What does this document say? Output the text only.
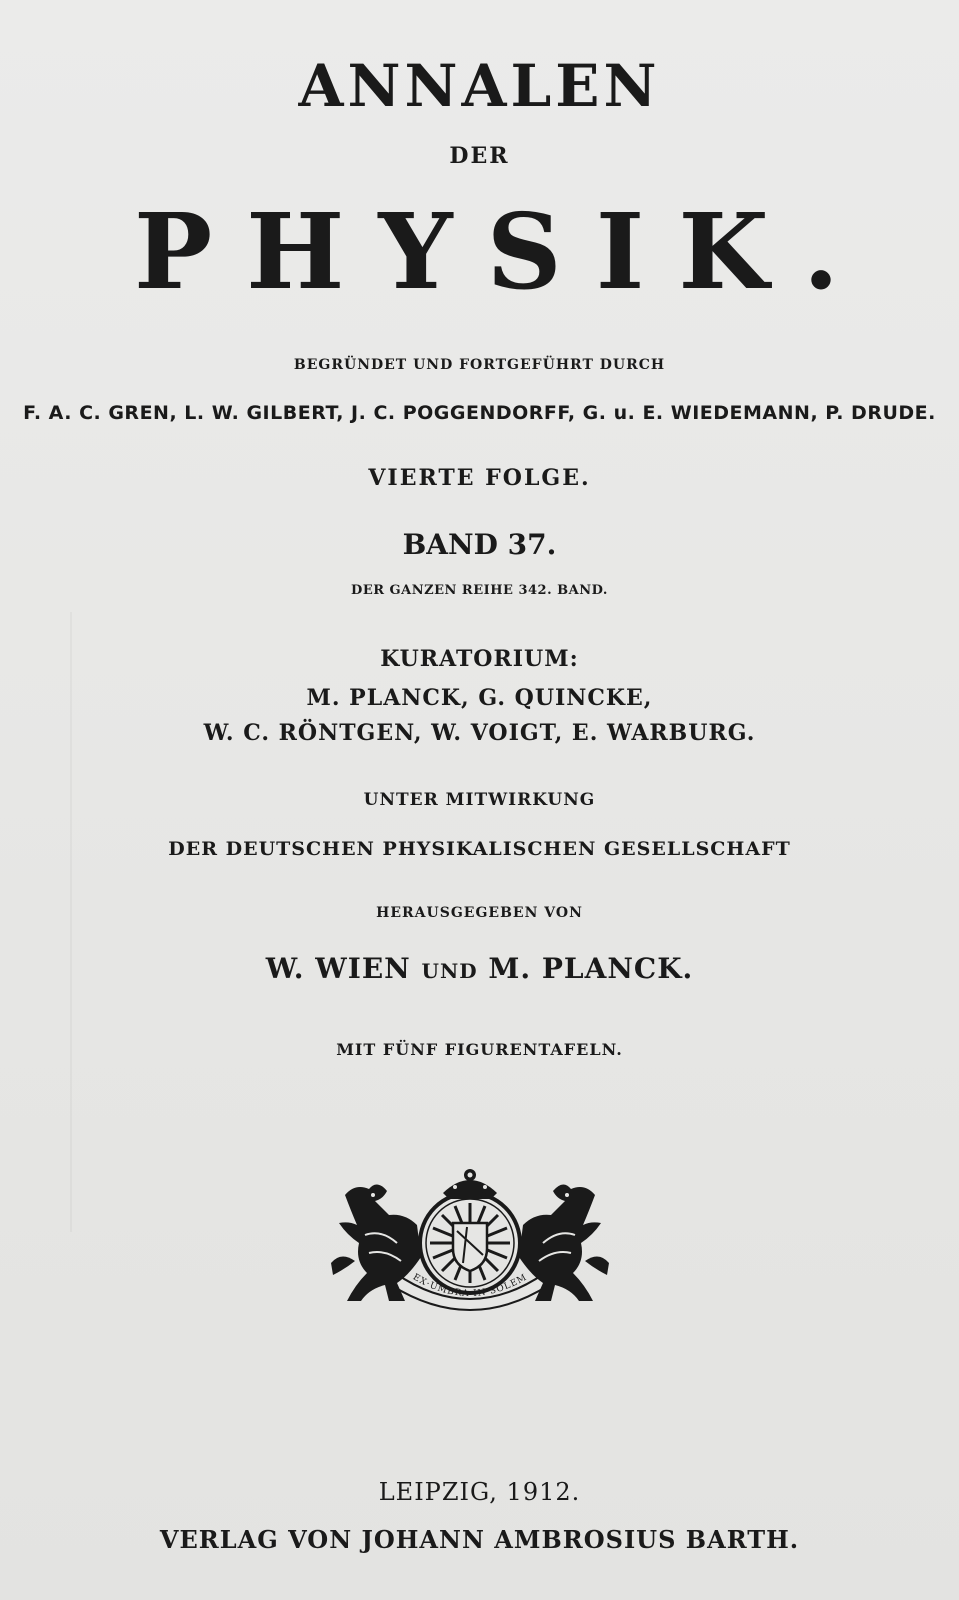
ANNALEN
DER
PHYSIK.
BEGRÜNDET UND FORTGEFÜHRT DURCH
F. A. C. GREN, L. W. GILBERT, J. C. POGGENDORFF, G. u. E. WIEDEMANN, P. DRUDE.
VIERTE FOLGE.
BAND 37.
DER GANZEN REIHE 342. BAND.
KURATORIUM:
M. PLANCK, G. QUINCKE,
W. C. RÖNTGEN, W. VOIGT, E. WARBURG.
UNTER MITWIRKUNG
DER DEUTSCHEN PHYSIKALISCHEN GESELLSCHAFT
HERAUSGEGEBEN VON
W. WIEN UND M. PLANCK.
MIT FÜNF FIGURENTAFELN.
EX·UMBRA·IN·SOLEM
LEIPZIG, 1912.
VERLAG VON JOHANN AMBROSIUS BARTH.
